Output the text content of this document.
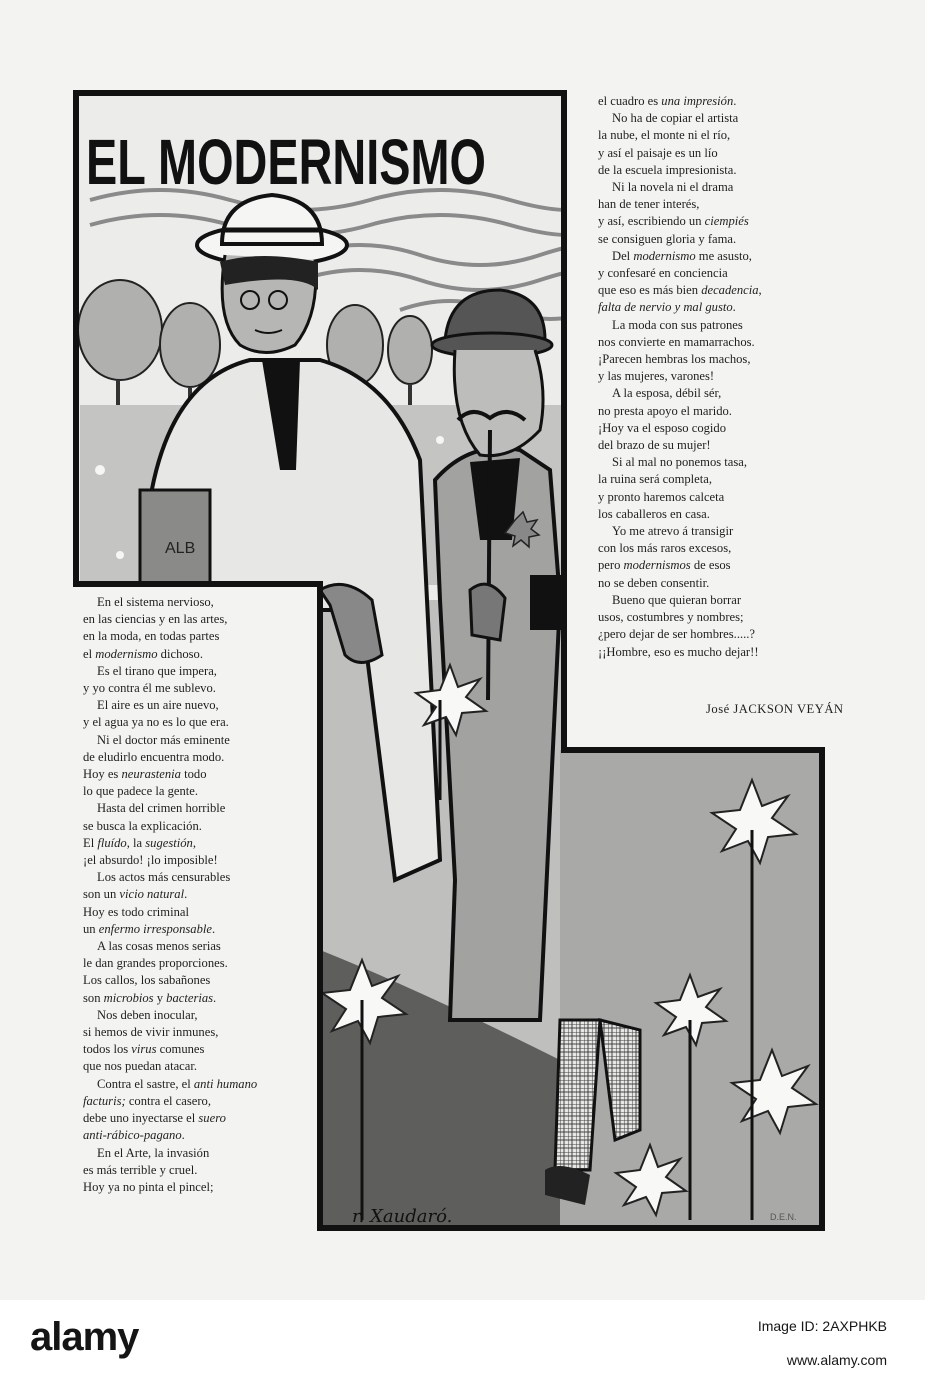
EL MODERNISMO
ALB
r. Xaudaró.	D.E.N.
En el sistema nervioso,
en las ciencias y en las artes,
en la moda, en todas partes
el modernismo dichoso.
Es el tirano que impera,
y yo contra él me sublevo.
El aire es un aire nuevo,
y el agua ya no es lo que era.
Ni el doctor más eminente
de eludirlo encuentra modo.
Hoy es neurastenia todo
lo que padece la gente.
Hasta del crimen horrible
se busca la explicación.
El fluído, la sugestión,
¡el absurdo! ¡lo imposible!
Los actos más censurables
son un vicio natural.
Hoy es todo criminal
un enfermo irresponsable.
A las cosas menos serias
le dan grandes proporciones.
Los callos, los sabañones
son microbios y bacterias.
Nos deben inocular,
si hemos de vivir inmunes,
todos los virus comunes
que nos puedan atacar.
Contra el sastre, el anti humano
facturis; contra el casero,
debe uno inyectarse el suero
anti-rábico-pagano.
En el Arte, la invasión
es más terrible y cruel.
Hoy ya no pinta el pincel;
el cuadro es una impresión.
No ha de copiar el artista
la nube, el monte ni el río,
y así el paisaje es un lío
de la escuela impresionista.
Ni la novela ni el drama
han de tener interés,
y así, escribiendo un ciempiés
se consiguen gloria y fama.
Del modernismo me asusto,
y confesaré en conciencia
que eso es más bien decadencia,
falta de nervio y mal gusto.
La moda con sus patrones
nos convierte en mamarrachos.
¡Parecen hembras los machos,
y las mujeres, varones!
A la esposa, débil sér,
no presta apoyo el marido.
¡Hoy va el esposo cogido
del brazo de su mujer!
Si al mal no ponemos tasa,
la ruina será completa,
y pronto haremos calceta
los caballeros en casa.
Yo me atrevo á transigir
con los más raros excesos,
pero modernismos de esos
no se deben consentir.
Bueno que quieran borrar
usos, costumbres y nombres;
¿pero dejar de ser hombres.....?
¡¡Hombre, eso es mucho dejar!!
José JACKSON VEYÁN
alamy	Image ID: 2AXPHKB
www.alamy.com
